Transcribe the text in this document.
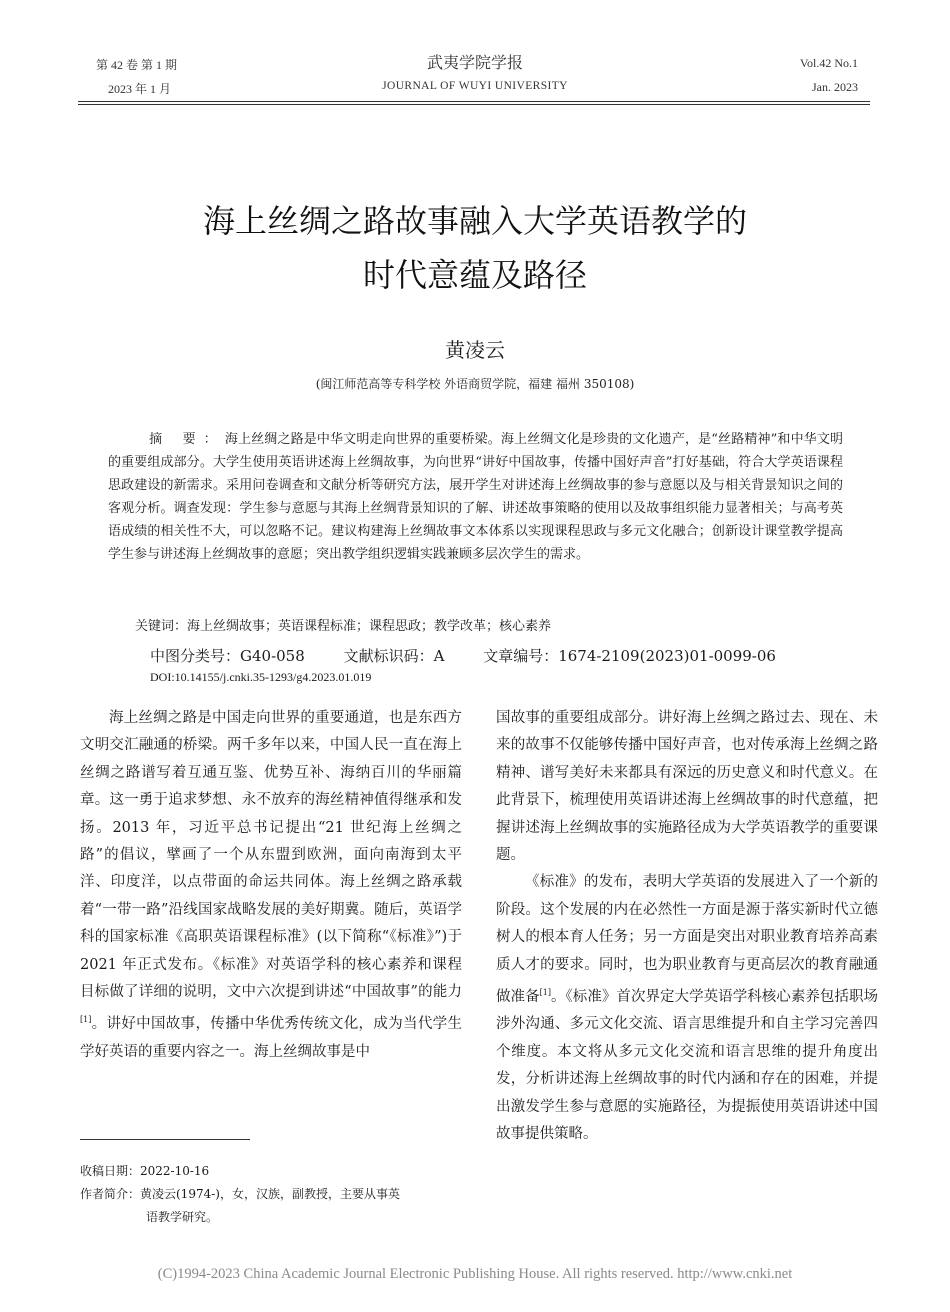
第 42 卷 第 1 期
2023 年 1 月
武夷学院学报
JOURNAL OF WUYI UNIVERSITY
Vol.42 No.1
Jan. 2023
海上丝绸之路故事融入大学英语教学的
时代意蕴及路径
黄凌云
(闽江师范高等专科学校 外语商贸学院，福建 福州 350108)
摘 要：海上丝绸之路是中华文明走向世界的重要桥梁。海上丝绸文化是珍贵的文化遗产，是“丝路精神”和中华文明的重要组成部分。大学生使用英语讲述海上丝绸故事，为向世界“讲好中国故事，传播中国好声音”打好基础，符合大学英语课程思政建设的新需求。采用问卷调查和文献分析等研究方法，展开学生对讲述海上丝绸故事的参与意愿以及与相关背景知识之间的客观分析。调查发现：学生参与意愿与其海上丝绸背景知识的了解、讲述故事策略的使用以及故事组织能力显著相关；与高考英语成绩的相关性不大，可以忽略不记。建议构建海上丝绸故事文本体系以实现课程思政与多元文化融合；创新设计课堂教学提高学生参与讲述海上丝绸故事的意愿；突出教学组织逻辑实践兼顾多层次学生的需求。
关键词：海上丝绸故事；英语课程标准；课程思政；教学改革；核心素养
中图分类号：G40-058	文献标识码：A	文章编号：1674-2109(2023)01-0099-06
DOI:10.14155/j.cnki.35-1293/g4.2023.01.019

海上丝绸之路是中国走向世界的重要通道，也是东西方文明交汇融通的桥梁。两千多年以来，中国人民一直在海上丝绸之路谱写着互通互鉴、优势互补、海纳百川的华丽篇章。这一勇于追求梦想、永不放弃的海丝精神值得继承和发扬。2013 年，习近平总书记提出“21 世纪海上丝绸之路”的倡议，擘画了一个从东盟到欧洲，面向南海到太平洋、印度洋，以点带面的命运共同体。海上丝绸之路承载着“一带一路”沿线国家战略发展的美好期冀。随后，英语学科的国家标准《高职英语课程标准》(以下简称“《标准》”)于 2021 年正式发布。《标准》对英语学科的核心素养和课程目标做了详细的说明，文中六次提到讲述“中国故事”的能力[1]。讲好中国故事，传播中华优秀传统文化，成为当代学生学好英语的重要内容之一。海上丝绸故事是中

国故事的重要组成部分。讲好海上丝绸之路过去、现在、未来的故事不仅能够传播中国好声音，也对传承海上丝绸之路精神、谱写美好未来都具有深远的历史意义和时代意义。在此背景下，梳理使用英语讲述海上丝绸故事的时代意蕴，把握讲述海上丝绸故事的实施路径成为大学英语教学的重要课题。

《标准》的发布，表明大学英语的发展进入了一个新的阶段。这个发展的内在必然性一方面是源于落实新时代立德树人的根本育人任务；另一方面是突出对职业教育培养高素质人才的要求。同时，也为职业教育与更高层次的教育融通做准备[1]。《标准》首次界定大学英语学科核心素养包括职场涉外沟通、多元文化交流、语言思维提升和自主学习完善四个维度。本文将从多元文化交流和语言思维的提升角度出发，分析讲述海上丝绸故事的时代内涵和存在的困难，并提出激发学生参与意愿的实施路径，为提振使用英语讲述中国故事提供策略。

收稿日期：2022-10-16
作者简介：黄凌云(1974-)，女，汉族，副教授，主要从事英
语教学研究。
(C)1994-2023 China Academic Journal Electronic Publishing House. All rights reserved. http://www.cnki.net
